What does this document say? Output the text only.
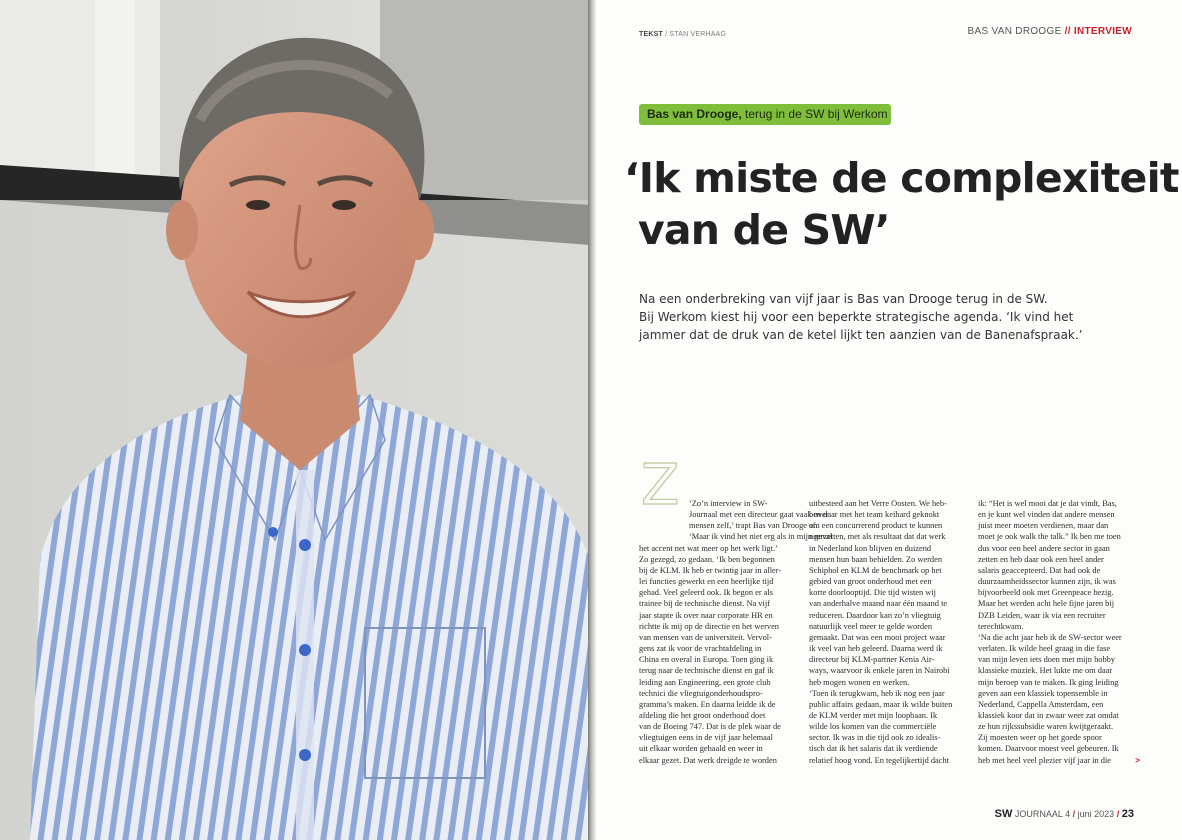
TEKST / STAN VERHAAG	BAS VAN DROOGE // INTERVIEW
Bas van Drooge, terug in de SW bij Werkom
‘Ik miste de complexiteit
van de SW’
Na een onderbreking van vijf jaar is Bas van Drooge terug in de SW.
Bij Werkom kiest hij voor een beperkte strategische agenda. ‘Ik vind het
jammer dat de druk van de ketel lijkt ten aanzien van de Banenafspraak.’
Z	‘Zo’n interview in SW-
Journaal met een directeur gaat vaak over
mensen zelf,’ trapt Bas van Drooge af.
‘Maar ik vind het niet erg als in mijn geval
het accent net wat meer op het werk ligt.’
Zo gezegd, zo gedaan. ‘Ik ben begonnen
bij de KLM. Ik heb er twintig jaar in aller-
lei functies gewerkt en een heerlijke tijd
gehad. Veel geleerd ook. Ik begon er als
trainee bij de technische dienst. Na vijf
jaar stapte ik over naar corporate HR en
richtte ik mij op de directie en het werven
van mensen van de universiteit. Vervol-
gens zat ik voor de vrachtafdeling in
China en overal in Europa. Toen ging ik
terug naar de technische dienst en gaf ik
leiding aan Engineering, een grote club
technici die vliegtuigonderhoudspro-
gramma’s maken. En daarna leidde ik de
afdeling die het groot onderhoud doet
van de Boeing 747. Dat is de plek waar de
vliegtuigen eens in de vijf jaar helemaal
uit elkaar worden gehaald en weer in
elkaar gezet. Dat werk dreigde te worden
uitbesteed aan het Verre Oosten. We heb-
ben daar met het team keihard geknokt
om een concurrerend product te kunnen
neerzetten, met als resultaat dat dat werk
in Nederland kon blijven en duizend
mensen hun baan behielden. Zo werden
Schiphol en KLM de benchmark op het
gebied van groot onderhoud met een
korte doorlooptijd. Die tijd wisten wij
van anderhalve maand naar één maand te
reduceren. Daardoor kan zo’n vliegtuig
natuurlijk veel meer te gelde worden
gemaakt. Dat was een mooi project waar
ik veel van heb geleerd. Daarna werd ik
directeur bij KLM-partner Kenia Air-
ways, waarvoor ik enkele jaren in Nairobi
heb mogen wonen en werken.
‘Toen ik terugkwam, heb ik nog een jaar
public affairs gedaan, maar ik wilde buiten
de KLM verder met mijn loopbaan. Ik
wilde los komen van die commerciële
sector. Ik was in die tijd ook zo idealis-
tisch dat ik het salaris dat ik verdiende
relatief hoog vond. En tegelijkertijd dacht
ik: “Het is wel mooi dat je dat vindt, Bas,
en je kunt wel vinden dat andere mensen
juist meer moeten verdienen, maar dan
moet je ook walk the talk.” Ik ben me toen
dus voor een heel andere sector in gaan
zetten en heb daar ook een heel ander
salaris geaccepteerd. Dat had ook de
duurzaamheidssector kunnen zijn, ik was
bijvoorbeeld ook met Greenpeace bezig.
Maar het werden acht hele fijne jaren bij
DZB Leiden, waar ik via een recruiter
terechtkwam.
‘Na die acht jaar heb ik de SW-sector weer
verlaten. Ik wilde heel graag in die fase
van mijn leven iets doen met mijn hobby
klassieke muziek. Het lukte me om daar
mijn beroep van te maken. Ik ging leiding
geven aan een klassiek topensemble in
Nederland, Cappella Amsterdam, een
klassiek koor dat in zwaar weer zat omdat
ze hun rijkssubsidie waren kwijtgeraakt.
Zij moesten weer op het goede spoor
komen. Daarvoor moest veel gebeuren. Ik
heb met heel veel plezier vijf jaar in die	>
SW JOURNAAL 4 / juni 2023 / 23
